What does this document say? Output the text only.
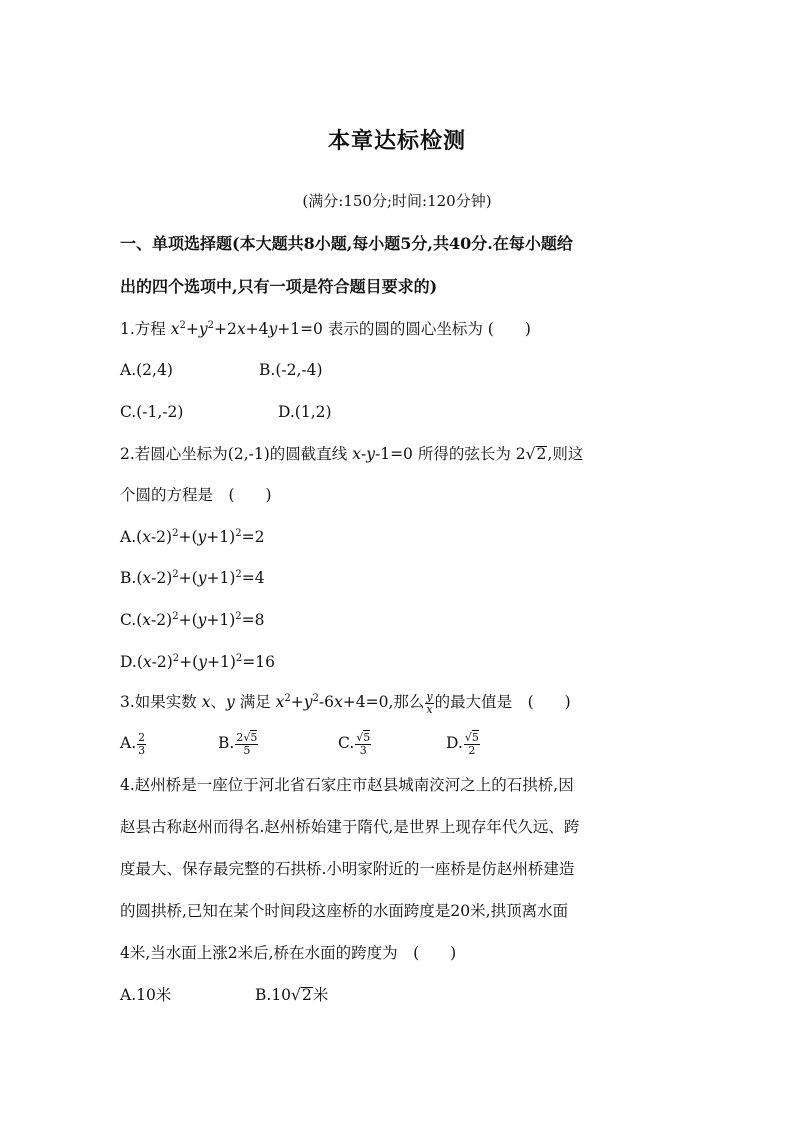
本章达标检测
(满分:150分;时间:120分钟)
一、单项选择题(本大题共8小题,每小题5分,共40分.在每小题给
出的四个选项中,只有一项是符合题目要求的)
1.方程 $x^2+y^2+2x+4y+1=0$ 表示的圆的圆心坐标为 (　　)
A.(2,4)	B.(-2,-4)
C.(-1,-2)	D.(1,2)
2.若圆心坐标为(2,-1)的圆截直线 x-y-1=0 所得的弦长为 2√2,则这
个圆的方程是　(　　)
$A.(x-2)^2+(y+1)^2=2$
$B.(x-2)^2+(y+1)^2=4$
$C.(x-2)^2+(y+1)^2=8$
$D.(x-2)^2+(y+1)^2=16$
3.如果实数 x、y 满足 $x^2+y^2-6x+4=0$,那么 $\frac{y}{x}$ 的最大值是　(　　)
A. $\frac{2}{3}$	B. $\frac{2√5}{5}$	C. $\frac{√5}{3}$	D. $\frac{√5}{2}$
4.赵州桥是一座位于河北省石家庄市赵县城南洨河之上的石拱桥,因
赵县古称赵州而得名.赵州桥始建于隋代,是世界上现存年代久远、跨
度最大、保存最完整的石拱桥.小明家附近的一座桥是仿赵州桥建造
的圆拱桥,已知在某个时间段这座桥的水面跨度是20米,拱顶离水面
4米,当水面上涨2米后,桥在水面的跨度为　(　　)
A.10米	B.10√2米
